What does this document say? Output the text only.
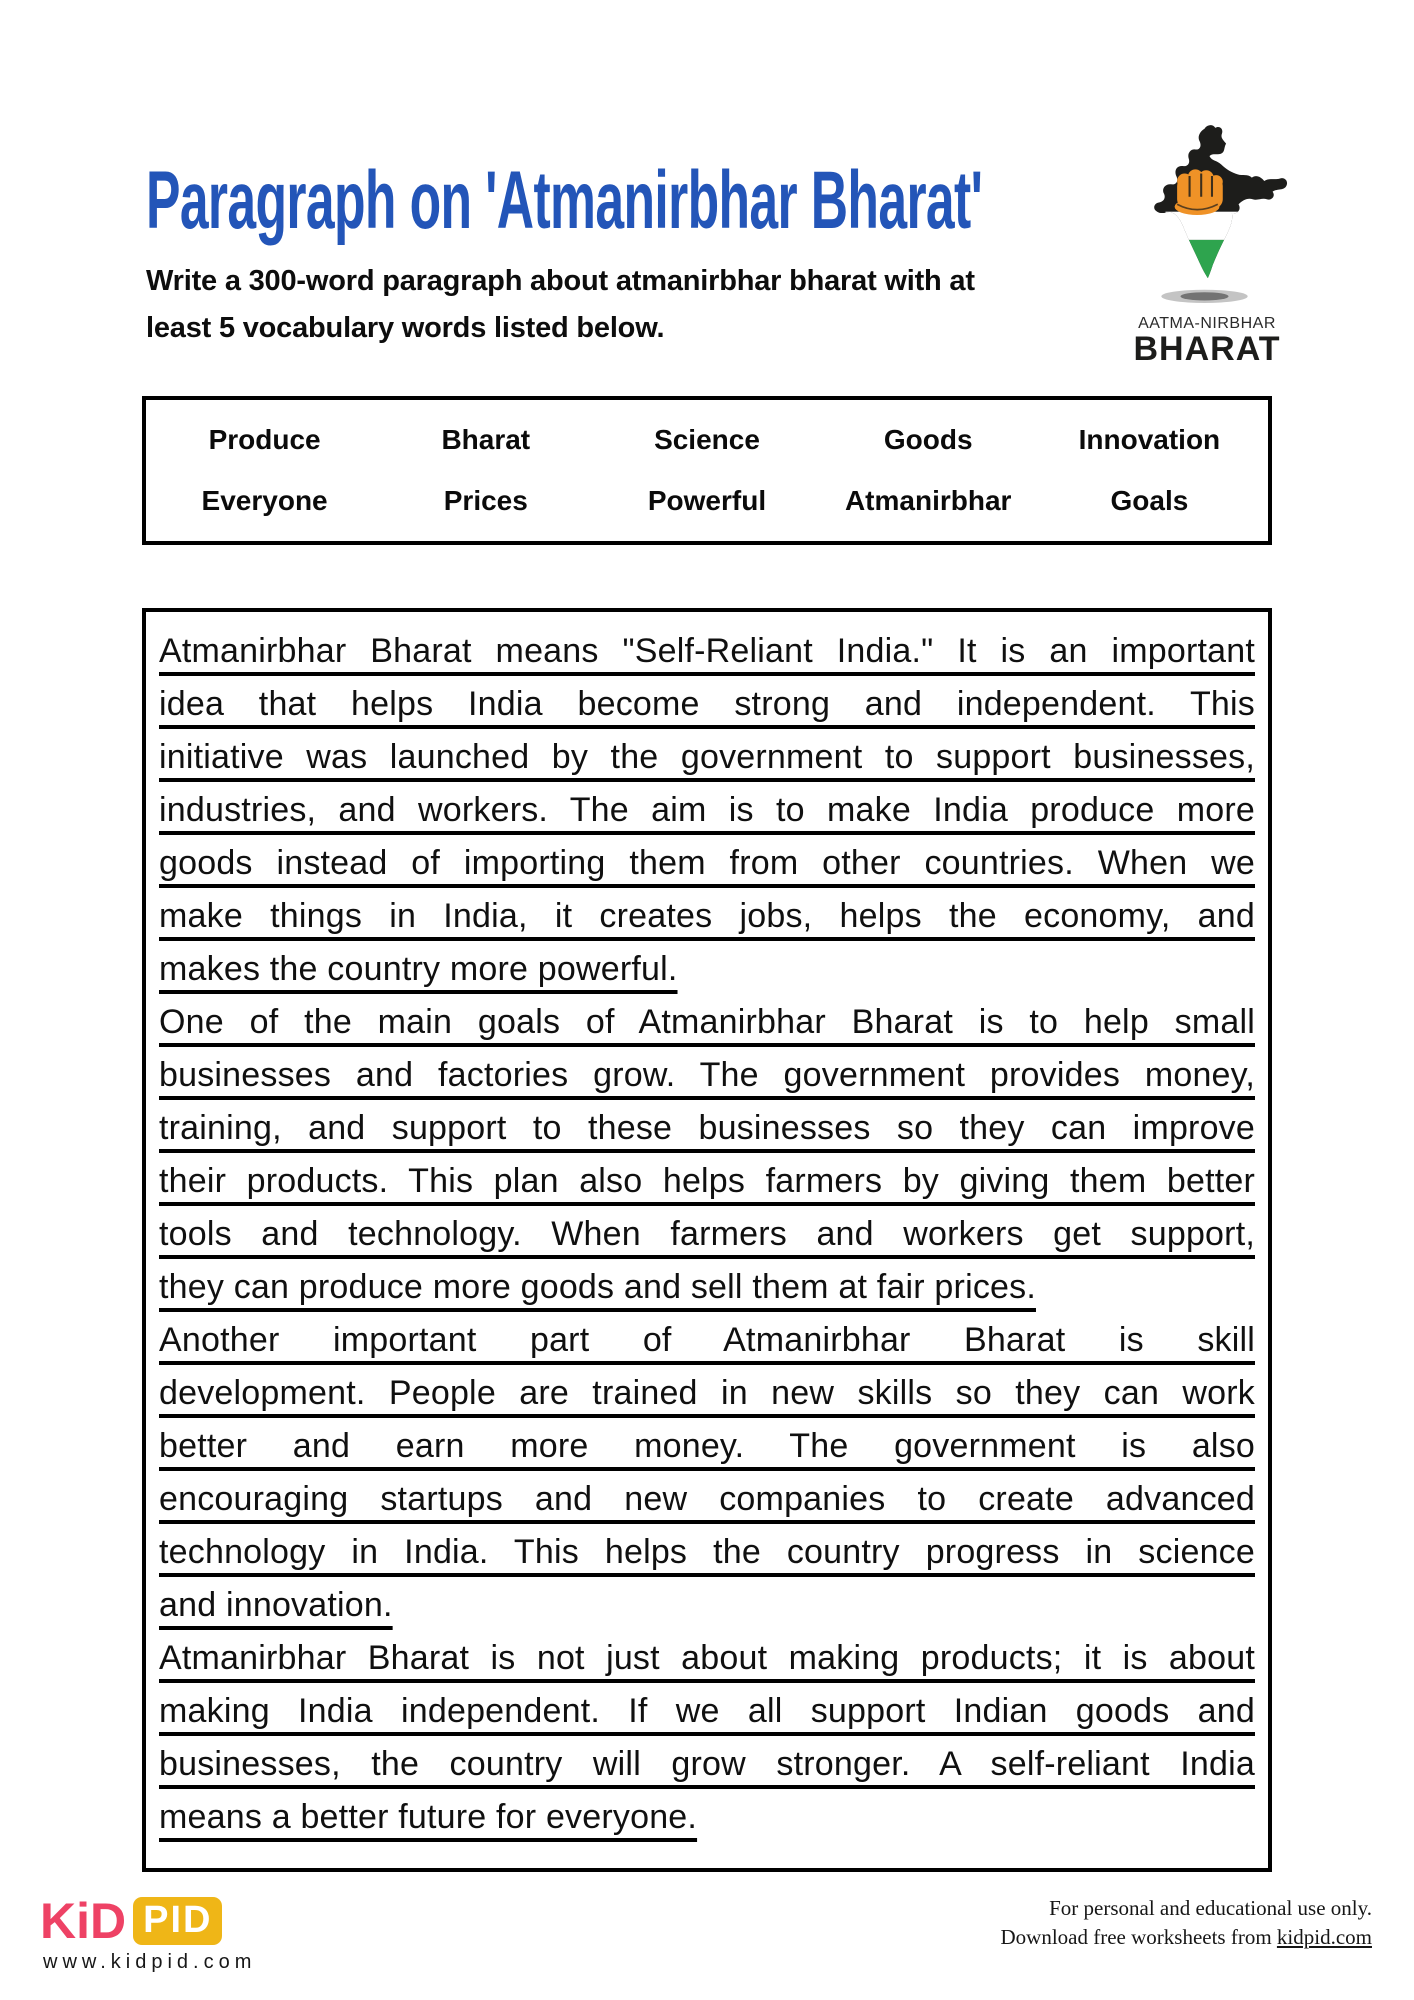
Paragraph on 'Atmanirbhar Bharat'
Write a 300-word paragraph about atmanirbhar bharat with at
least 5 vocabulary words listed below.	AATMA-NIRBHAR
BHARAT
Produce	Bharat	Science	Goods	Innovation
Everyone	Prices	Powerful	Atmanirbhar	Goals
Atmanirbhar Bharat means "Self-Reliant India." It is an important
idea that helps India become strong and independent. This
initiative was launched by the government to support businesses,
industries, and workers. The aim is to make India produce more
goods instead of importing them from other countries. When we
make things in India, it creates jobs, helps the economy, and
makes the country more powerful.
One of the main goals of Atmanirbhar Bharat is to help small
businesses and factories grow. The government provides money,
training, and support to these businesses so they can improve
their products. This plan also helps farmers by giving them better
tools and technology. When farmers and workers get support,
they can produce more goods and sell them at fair prices.
Another important part of Atmanirbhar Bharat is skill
development. People are trained in new skills so they can work
better and earn more money. The government is also
encouraging startups and new companies to create advanced
technology in India. This helps the country progress in science
and innovation.
Atmanirbhar Bharat is not just about making products; it is about
making India independent. If we all support Indian goods and
businesses, the country will grow stronger. A self-reliant India
means a better future for everyone.
KiD PID
www.kidpid.com
For personal and educational use only.
Download free worksheets from kidpid.com
